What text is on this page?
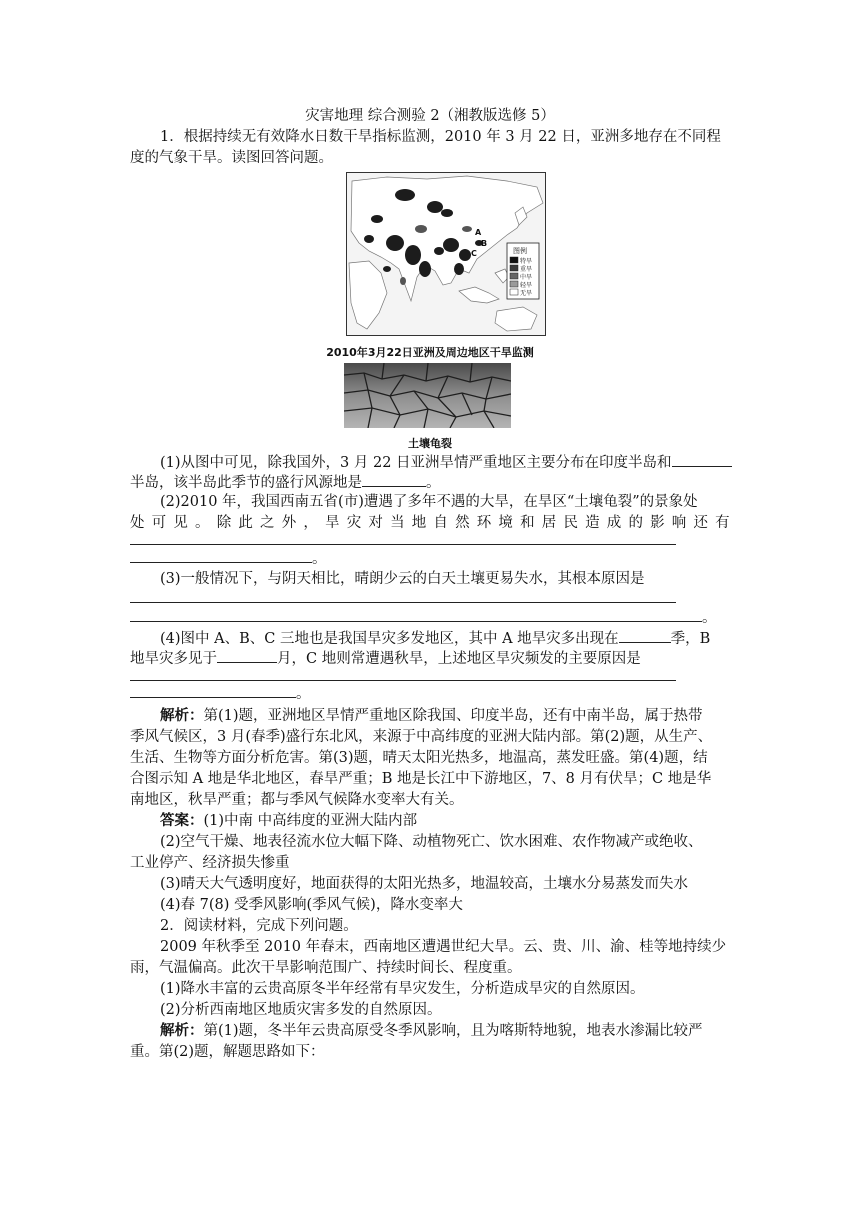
灾害地理 综合测验 2（湘教版选修 5）
1．根据持续无有效降水日数干旱指标监测，2010 年 3 月 22 日，亚洲多地存在不同程
度的气象干旱。读图回答问题。
A
B
C	图例
特旱
重旱
中旱
轻旱
无旱
2010年3月22日亚洲及周边地区干旱监测
土壤龟裂
(1)从图中可见，除我国外，3 月 22 日亚洲旱情严重地区主要分布在印度半岛和
半岛，该半岛此季节的盛行风源地是	。
(2)2010 年，我国西南五省(市)遭遇了多年不遇的大旱，在旱区“土壤龟裂”的景象处
处 可 见 。 除 此 之 外 ， 旱 灾 对 当 地 自 然 环 境 和 居 民 造 成 的 影 响 还 有
。
(3)一般情况下，与阴天相比，晴朗少云的白天土壤更易失水，其根本原因是
。
(4)图中 A、B、C 三地也是我国旱灾多发地区，其中 A 地旱灾多出现在	季，B
地旱灾多见于	月，C 地则常遭遇秋旱，上述地区旱灾频发的主要原因是
。
解析：第(1)题，亚洲地区旱情严重地区除我国、印度半岛，还有中南半岛，属于热带
季风气候区，3 月(春季)盛行东北风，来源于中高纬度的亚洲大陆内部。第(2)题，从生产、
生活、生物等方面分析危害。第(3)题，晴天太阳光热多，地温高，蒸发旺盛。第(4)题，结
合图示知 A 地是华北地区，春旱严重；B 地是长江中下游地区，7、8 月有伏旱；C 地是华
南地区，秋旱严重；都与季风气候降水变率大有关。
答案：(1)中南 中高纬度的亚洲大陆内部
(2)空气干燥、地表径流水位大幅下降、动植物死亡、饮水困难、农作物减产或绝收、
工业停产、经济损失惨重
(3)晴天大气透明度好，地面获得的太阳光热多，地温较高，土壤水分易蒸发而失水
(4)春 7(8) 受季风影响(季风气候)，降水变率大
2．阅读材料，完成下列问题。
2009 年秋季至 2010 年春末，西南地区遭遇世纪大旱。云、贵、川、渝、桂等地持续少
雨，气温偏高。此次干旱影响范围广、持续时间长、程度重。
(1)降水丰富的云贵高原冬半年经常有旱灾发生，分析造成旱灾的自然原因。
(2)分析西南地区地质灾害多发的自然原因。
解析：第(1)题，冬半年云贵高原受冬季风影响，且为喀斯特地貌，地表水渗漏比较严
重。第(2)题，解题思路如下：
